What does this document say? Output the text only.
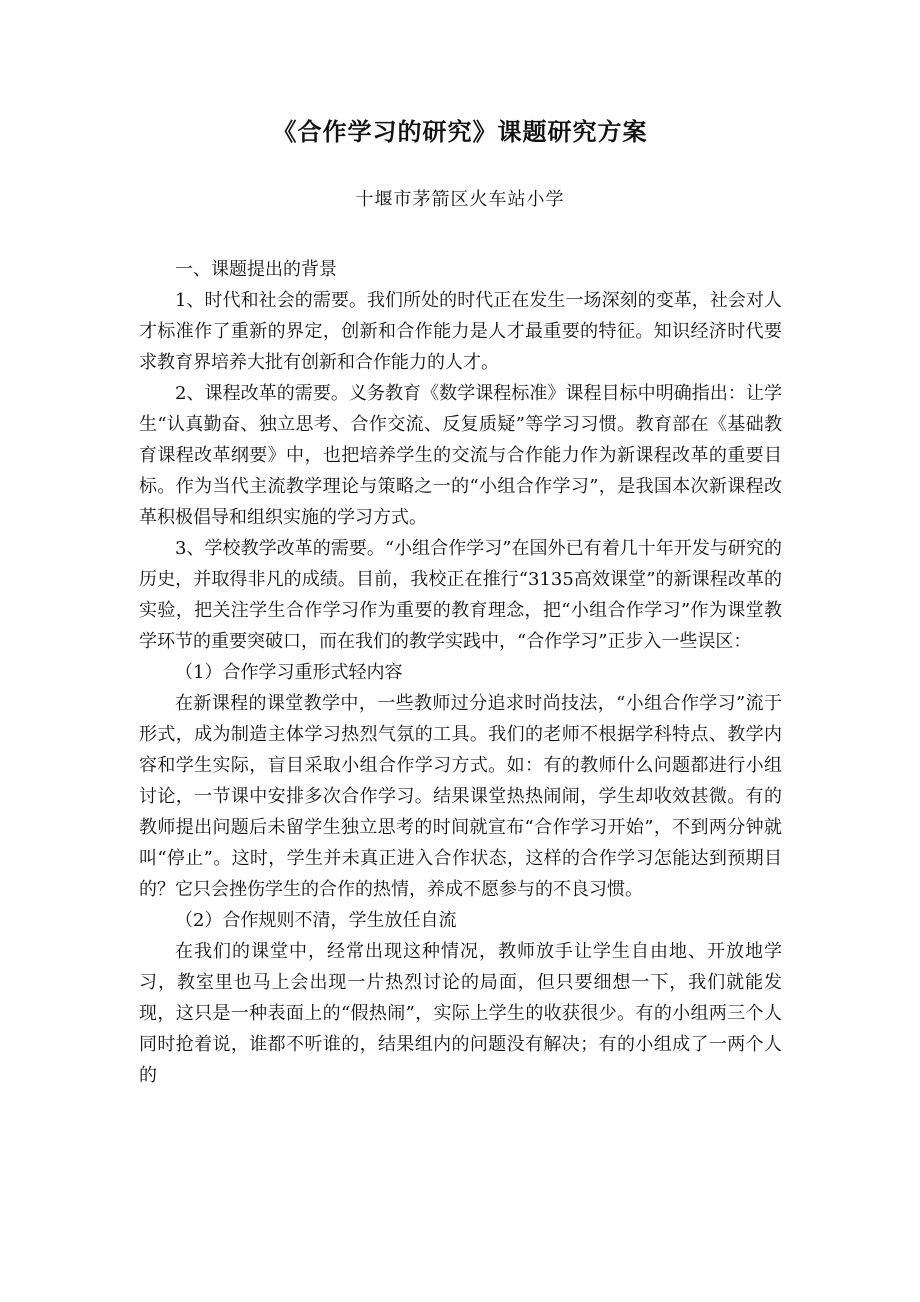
《合作学习的研究》课题研究方案
十堰市茅箭区火车站小学

一、课题提出的背景

1、时代和社会的需要。我们所处的时代正在发生一场深刻的变革，社会对人才标准作了重新的界定，创新和合作能力是人才最重要的特征。知识经济时代要求教育界培养大批有创新和合作能力的人才。

2、课程改革的需要。义务教育《数学课程标准》课程目标中明确指出：让学生“认真勤奋、独立思考、合作交流、反复质疑”等学习习惯。教育部在《基础教育课程改革纲要》中，也把培养学生的交流与合作能力作为新课程改革的重要目标。作为当代主流教学理论与策略之一的“小组合作学习”，是我国本次新课程改革积极倡导和组织实施的学习方式。

3、学校教学改革的需要。“小组合作学习”在国外已有着几十年开发与研究的历史，并取得非凡的成绩。目前，我校正在推行“3135高效课堂”的新课程改革的实验，把关注学生合作学习作为重要的教育理念，把“小组合作学习”作为课堂教学环节的重要突破口，而在我们的教学实践中，“合作学习”正步入一些误区：

（1）合作学习重形式轻内容

在新课程的课堂教学中，一些教师过分追求时尚技法，“小组合作学习”流于形式，成为制造主体学习热烈气氛的工具。我们的老师不根据学科特点、教学内容和学生实际，盲目采取小组合作学习方式。如：有的教师什么问题都进行小组讨论，一节课中安排多次合作学习。结果课堂热热闹闹，学生却收效甚微。有的教师提出问题后未留学生独立思考的时间就宣布“合作学习开始”，不到两分钟就叫“停止”。这时，学生并未真正进入合作状态，这样的合作学习怎能达到预期目的？它只会挫伤学生的合作的热情，养成不愿参与的不良习惯。

（2）合作规则不清，学生放任自流

在我们的课堂中，经常出现这种情况，教师放手让学生自由地、开放地学习，教室里也马上会出现一片热烈讨论的局面，但只要细想一下，我们就能发现，这只是一种表面上的“假热闹”，实际上学生的收获很少。有的小组两三个人同时抢着说，谁都不听谁的，结果组内的问题没有解决；有的小组成了一两个人的
